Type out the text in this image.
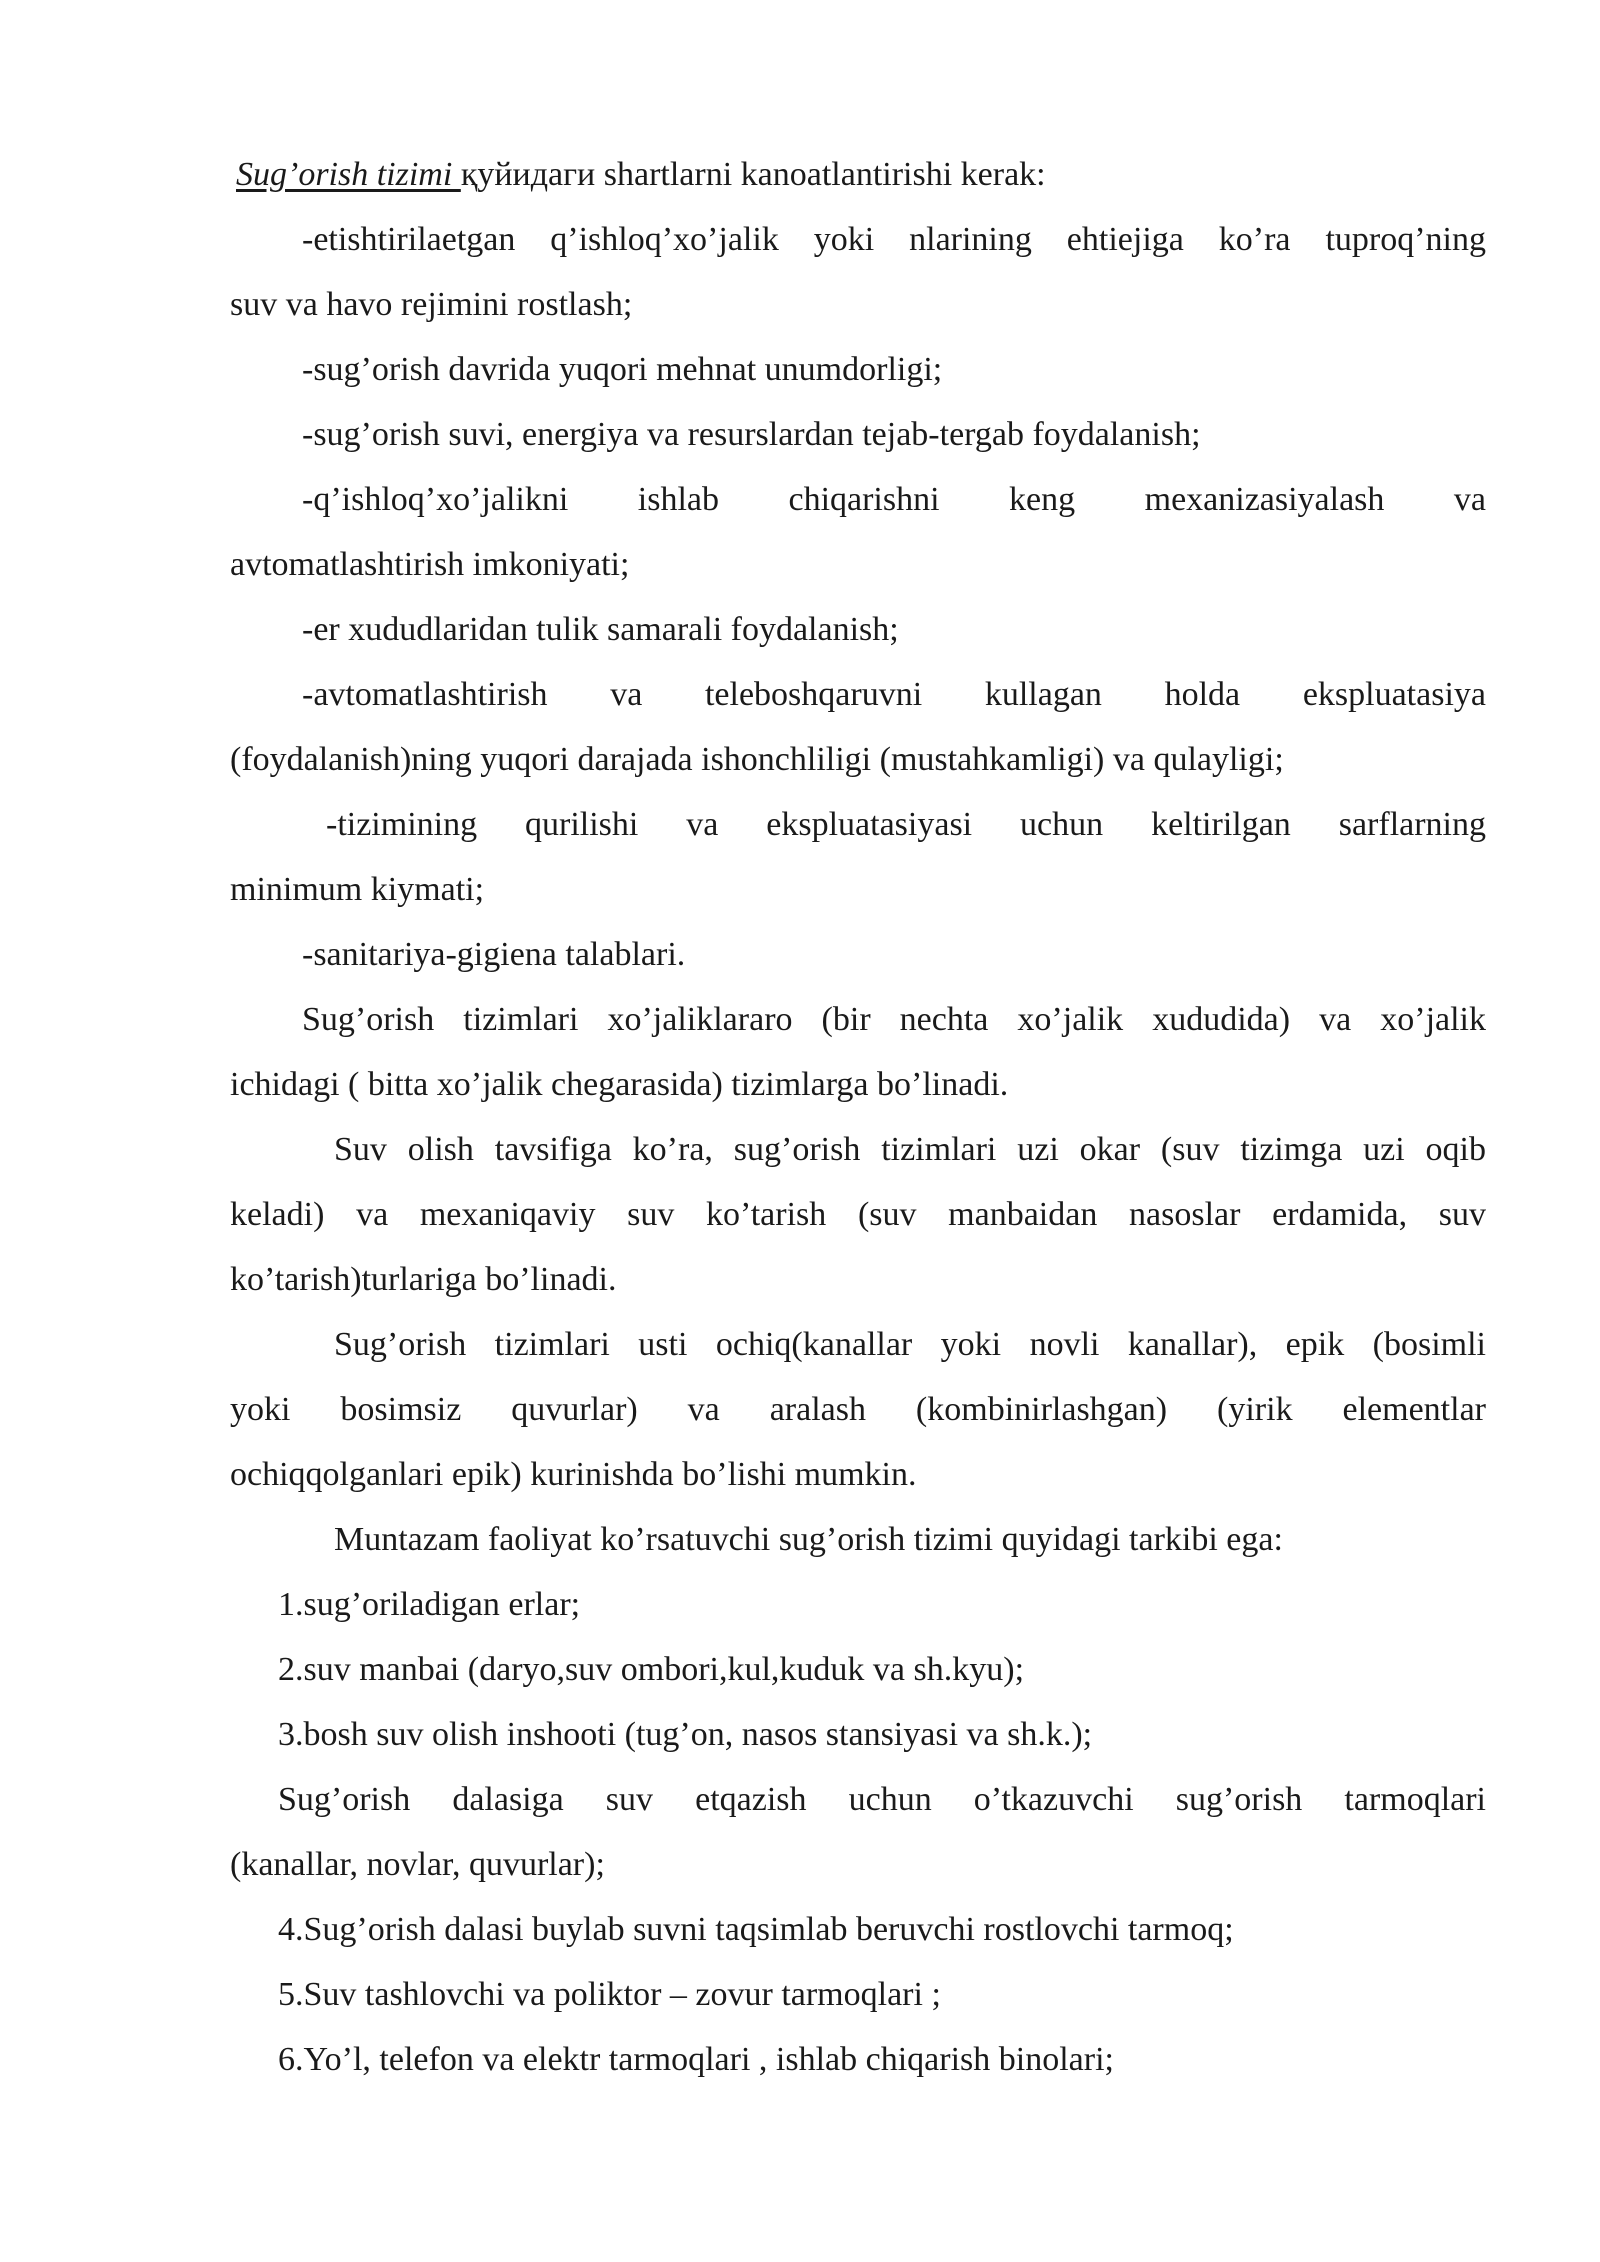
Sug’orish tizimi қуйидаги shartlarni kanoatlantirishi kerak:
-etishtirilaetgan q’ishloq’xo’jalik yoki nlarining ehtiejiga ko’ra tuproq’ning
suv va havo rejimini rostlash;
-sug’orish davrida yuqori mehnat unumdorligi;
-sug’orish suvi, energiya va resurslardan tejab-tergab foydalanish;
-q’ishloq’xo’jalikni ishlab chiqarishni keng mexanizasiyalash va
avtomatlashtirish imkoniyati;
-er xududlaridan tulik samarali foydalanish;
-avtomatlashtirish va teleboshqaruvni kullagan holda ekspluatasiya
(foydalanish)ning yuqori darajada ishonchliligi (mustahkamligi) va qulayligi;
-tizimining qurilishi va ekspluatasiyasi uchun keltirilgan sarflarning
minimum kiymati;
-sanitariya-gigiena talablari.
Sug’orish tizimlari xo’jaliklararo (bir nechta xo’jalik xududida) va xo’jalik
ichidagi ( bitta xo’jalik chegarasida) tizimlarga bo’linadi.
Suv olish tavsifiga ko’ra, sug’orish tizimlari uzi okar (suv tizimga uzi oqib
keladi) va mexaniqaviy suv ko’tarish (suv manbaidan nasoslar erdamida, suv
ko’tarish)turlariga bo’linadi.
Sug’orish tizimlari usti ochiq(kanallar yoki novli kanallar), epik (bosimli
yoki bosimsiz quvurlar) va aralash (kombinirlashgan) (yirik elementlar
ochiqqolganlari epik) kurinishda bo’lishi mumkin.
Muntazam faoliyat ko’rsatuvchi sug’orish tizimi quyidagi tarkibi ega:
1.sug’oriladigan erlar;
2.suv manbai (daryo,suv ombori,kul,kuduk va sh.kyu);
3.bosh suv olish inshooti (tug’on, nasos stansiyasi va sh.k.);
Sug’orish dalasiga suv etqazish uchun o’tkazuvchi sug’orish tarmoqlari
(kanallar, novlar, quvurlar);
4.Sug’orish dalasi buylab suvni taqsimlab beruvchi rostlovchi tarmoq;
5.Suv tashlovchi va poliktor – zovur tarmoqlari ;
6.Yo’l, telefon va elektr tarmoqlari , ishlab chiqarish binolari;
